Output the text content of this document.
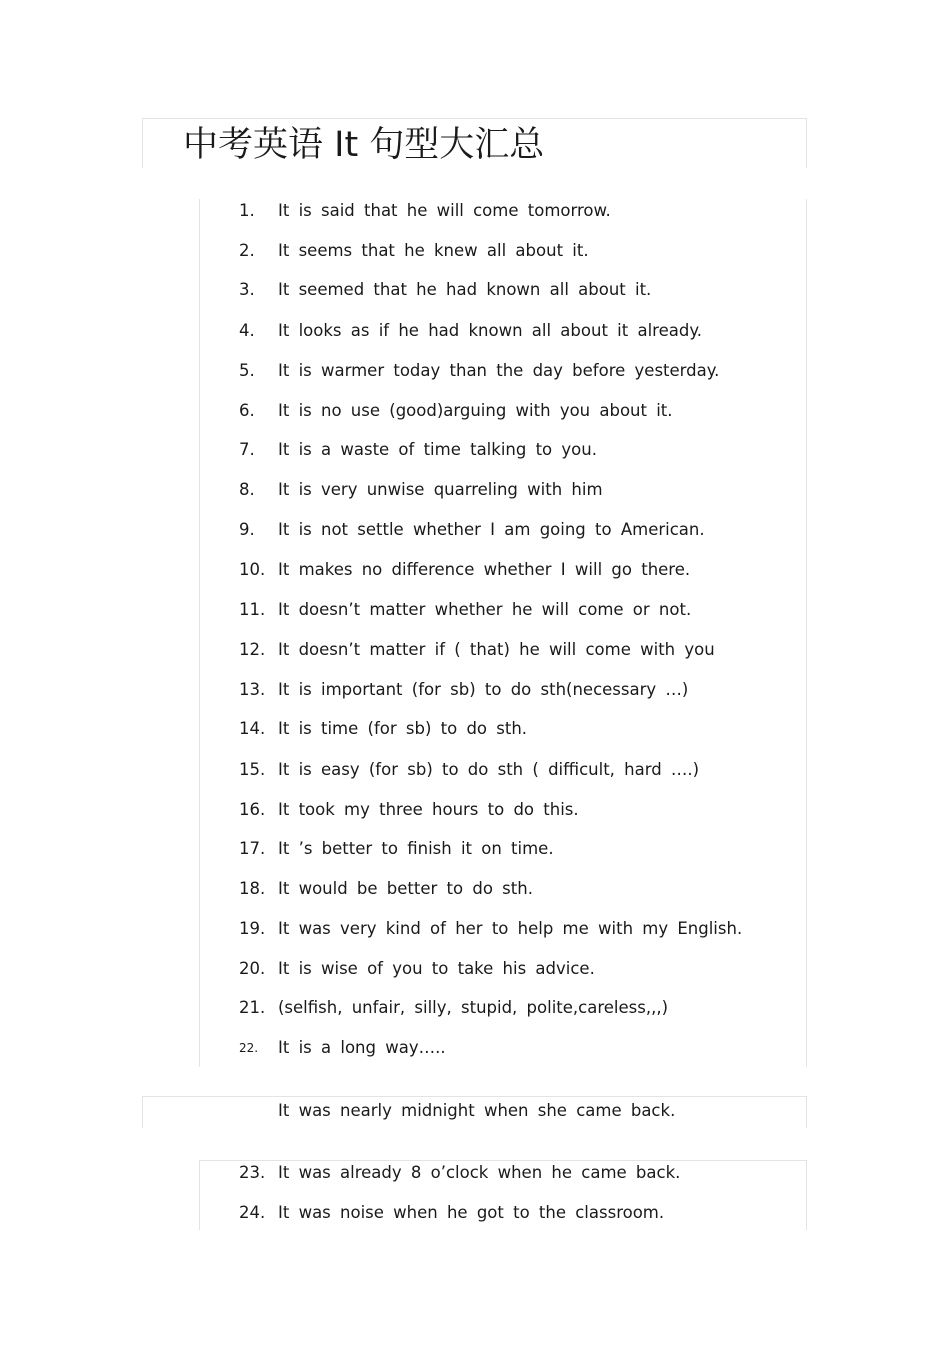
中考英语 It 句型大汇总
1. It is said that he will come tomorrow.
2. It seems that he knew all about it.
3. It seemed that he had known all about it.
4. It looks as if he had known all about it already.
5. It is warmer today than the day before yesterday.
6. It is no use (good)arguing with you about it.
7. It is a waste of time talking to you.
8. It is very unwise quarreling with him
9. It is not settle whether I am going to American.
10. It makes no difference whether I will go there.
11. It doesn’t matter whether he will come or not.
12. It doesn’t matter if ( that) he will come with you
13. It is important (for sb) to do sth(necessary …)
14. It is time (for sb) to do sth.
15. It is easy (for sb) to do sth ( difficult, hard ….)
16. It took my three hours to do this.
17. It ’s better to finish it on time.
18. It would be better to do sth.
19. It was very kind of her to help me with my English.
20. It is wise of you to take his advice.
21. (selfish, unfair, silly, stupid, polite,careless,,,)
22. It is a long way…..
It was nearly midnight when she came back.
23. It was already 8 o’clock when he came back.
24. It was noise when he got to the classroom.
